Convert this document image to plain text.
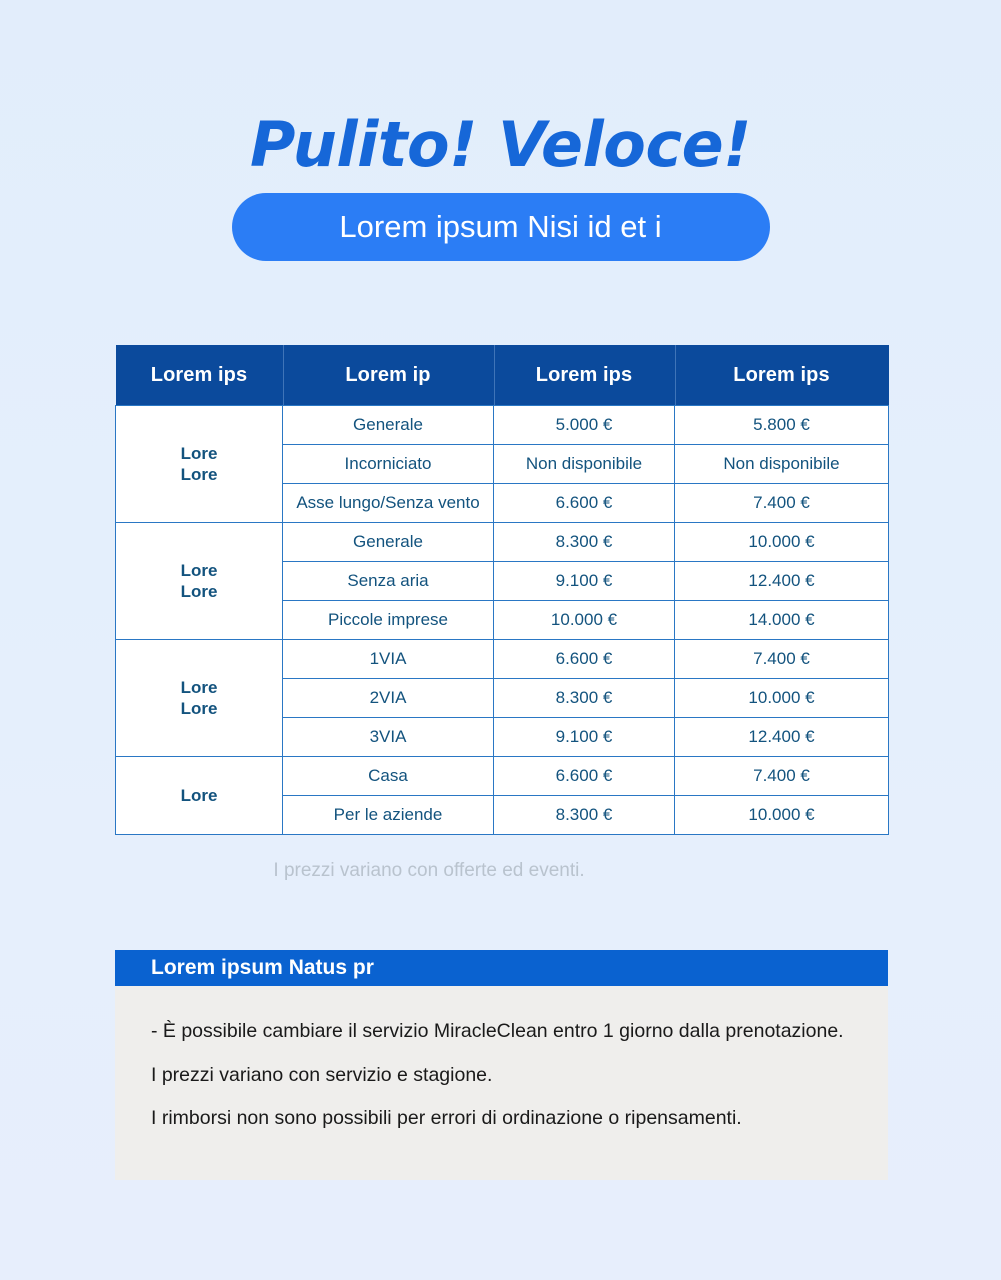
Pulito! Veloce!
Lorem ipsum Nisi id et i
Lorem ips	Lorem ip	Lorem ips	Lorem ips
Lore
Lore	Generale	5.000 €	5.800 €
	Incorniciato	Non disponibile	Non disponibile
	Asse lungo/Senza vento	6.600 €	7.400 €
Lore
Lore	Generale	8.300 €	10.000 €
	Senza aria	9.100 €	12.400 €
	Piccole imprese	10.000 €	14.000 €
Lore
Lore	1VIA	6.600 €	7.400 €
	2VIA	8.300 €	10.000 €
	3VIA	9.100 €	12.400 €
Lore	Casa	6.600 €	7.400 €
	Per le aziende	8.300 €	10.000 €
I prezzi variano con offerte ed eventi.
Lorem ipsum Natus pr
- È possibile cambiare il servizio MiracleClean entro 1 giorno dalla prenotazione.
I prezzi variano con servizio e stagione.
I rimborsi non sono possibili per errori di ordinazione o ripensamenti.
